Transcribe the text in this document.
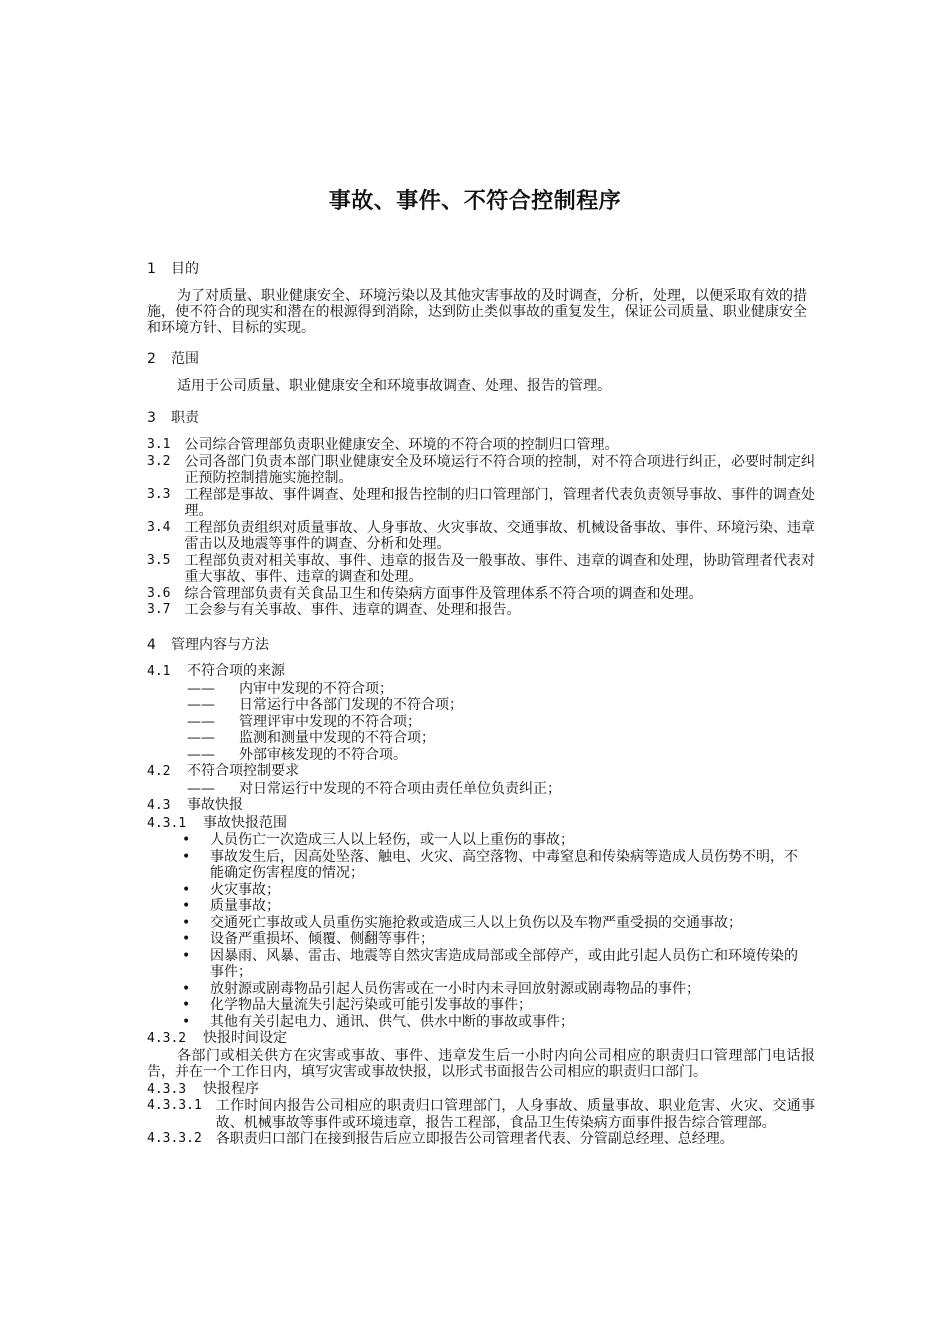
事故、事件、不符合控制程序
1 目的
为了对质量、职业健康安全、环境污染以及其他灾害事故的及时调查，分析，处理，以便采取有效的措施，使不符合的现实和潜在的根源得到消除，达到防止类似事故的重复发生，保证公司质量、职业健康安全和环境方针、目标的实现。
2 范围
适用于公司质量、职业健康安全和环境事故调查、处理、报告的管理。
3 职责
3.1	公司综合管理部负责职业健康安全、环境的不符合项的控制归口管理。
3.2	公司各部门负责本部门职业健康安全及环境运行不符合项的控制，对不符合项进行纠正，必要时制定纠正预防控制措施实施控制。
3.3	工程部是事故、事件调查、处理和报告控制的归口管理部门，管理者代表负责领导事故、事件的调查处理。
3.4	工程部负责组织对质量事故、人身事故、火灾事故、交通事故、机械设备事故、事件、环境污染、违章雷击以及地震等事件的调查、分析和处理。
3.5	工程部负责对相关事故、事件、违章的报告及一般事故、事件、违章的调查和处理，协助管理者代表对重大事故、事件、违章的调查和处理。
3.6	综合管理部负责有关食品卫生和传染病方面事件及管理体系不符合项的调查和处理。
3.7	工会参与有关事故、事件、违章的调查、处理和报告。
4 管理内容与方法
4.1 不符合项的来源
——	内审中发现的不符合项；
——	日常运行中各部门发现的不符合项；
——	管理评审中发现的不符合项；
——	监测和测量中发现的不符合项；
——	外部审核发现的不符合项。
4.2 不符合项控制要求
——	对日常运行中发现的不符合项由责任单位负责纠正；
4.3 事故快报
4.3.1 事故快报范围
•	人员伤亡一次造成三人以上轻伤，或一人以上重伤的事故；
•	事故发生后，因高处坠落、触电、火灾、高空落物、中毒窒息和传染病等造成人员伤势不明，不能确定伤害程度的情况；
•	火灾事故；
•	质量事故；
•	交通死亡事故或人员重伤实施抢救或造成三人以上负伤以及车物严重受损的交通事故；
•	设备严重损坏、倾覆、侧翻等事件；
•	因暴雨、风暴、雷击、地震等自然灾害造成局部或全部停产，或由此引起人员伤亡和环境传染的事件；
•	放射源或剧毒物品引起人员伤害或在一小时内未寻回放射源或剧毒物品的事件；
•	化学物品大量流失引起污染或可能引发事故的事件；
•	其他有关引起电力、通讯、供气、供水中断的事故或事件；
4.3.2 快报时间设定
各部门或相关供方在灾害或事故、事件、违章发生后一小时内向公司相应的职责归口管理部门电话报告，并在一个工作日内，填写灾害或事故快报，以形式书面报告公司相应的职责归口部门。
4.3.3 快报程序
4.3.3.1	工作时间内报告公司相应的职责归口管理部门，人身事故、质量事故、职业危害、火灾、交通事故、机械事故等事件或环境违章，报告工程部，食品卫生传染病方面事件报告综合管理部。
4.3.3.2	各职责归口部门在接到报告后应立即报告公司管理者代表、分管副总经理、总经理。
